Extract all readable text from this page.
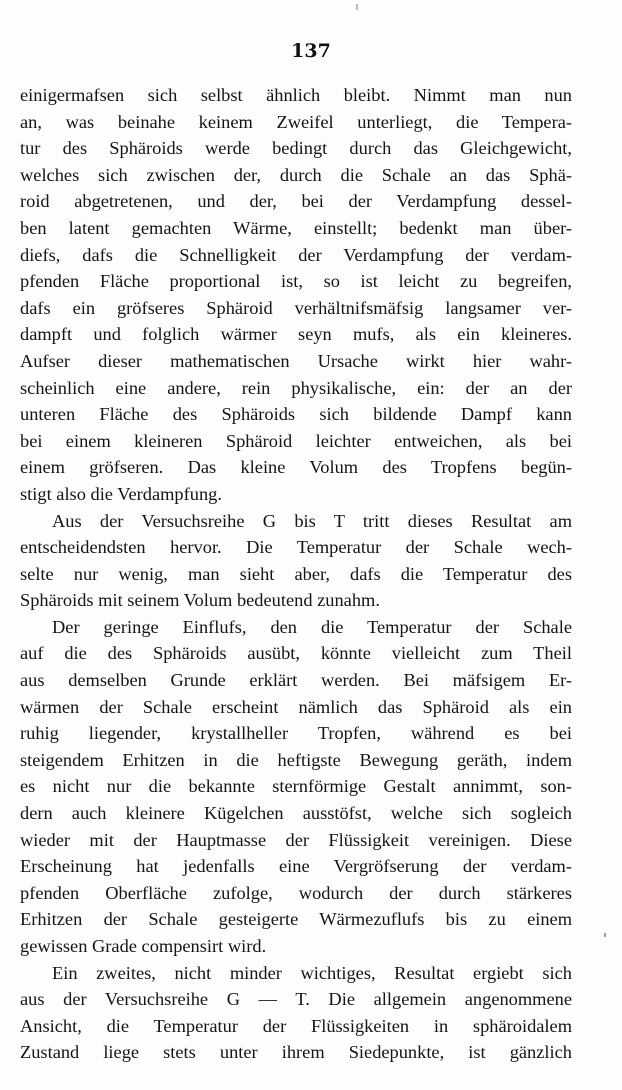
137
einigermafsen sich selbst ähnlich bleibt. Nimmt man nun
an, was beinahe keinem Zweifel unterliegt, die Tempera-
tur des Sphäroids werde bedingt durch das Gleichgewicht,
welches sich zwischen der, durch die Schale an das Sphä-
roid abgetretenen, und der, bei der Verdampfung dessel-
ben latent gemachten Wärme, einstellt; bedenkt man über-
diefs, dafs die Schnelligkeit der Verdampfung der verdam-
pfenden Fläche proportional ist, so ist leicht zu begreifen,
dafs ein gröfseres Sphäroid verhältnifsmäfsig langsamer ver-
dampft und folglich wärmer seyn mufs, als ein kleineres.
Aufser dieser mathematischen Ursache wirkt hier wahr-
scheinlich eine andere, rein physikalische, ein: der an der
unteren Fläche des Sphäroids sich bildende Dampf kann
bei einem kleineren Sphäroid leichter entweichen, als bei
einem gröfseren. Das kleine Volum des Tropfens begün-
stigt also die Verdampfung.
Aus der Versuchsreihe G bis T tritt dieses Resultat am
entscheidendsten hervor. Die Temperatur der Schale wech-
selte nur wenig, man sieht aber, dafs die Temperatur des
Sphäroids mit seinem Volum bedeutend zunahm.
Der geringe Einflufs, den die Temperatur der Schale
auf die des Sphäroids ausübt, könnte vielleicht zum Theil
aus demselben Grunde erklärt werden. Bei mäfsigem Er-
wärmen der Schale erscheint nämlich das Sphäroid als ein
ruhig liegender, krystallheller Tropfen, während es bei
steigendem Erhitzen in die heftigste Bewegung geräth, indem
es nicht nur die bekannte sternförmige Gestalt annimmt, son-
dern auch kleinere Kügelchen ausstöfst, welche sich sogleich
wieder mit der Hauptmasse der Flüssigkeit vereinigen. Diese
Erscheinung hat jedenfalls eine Vergröfserung der verdam-
pfenden Oberfläche zufolge, wodurch der durch stärkeres
Erhitzen der Schale gesteigerte Wärmezuflufs bis zu einem
gewissen Grade compensirt wird.
Ein zweites, nicht minder wichtiges, Resultat ergiebt sich
aus der Versuchsreihe G — T. Die allgemein angenommene
Ansicht, die Temperatur der Flüssigkeiten in sphäroidalem
Zustand liege stets unter ihrem Siedepunkte, ist gänzlich
